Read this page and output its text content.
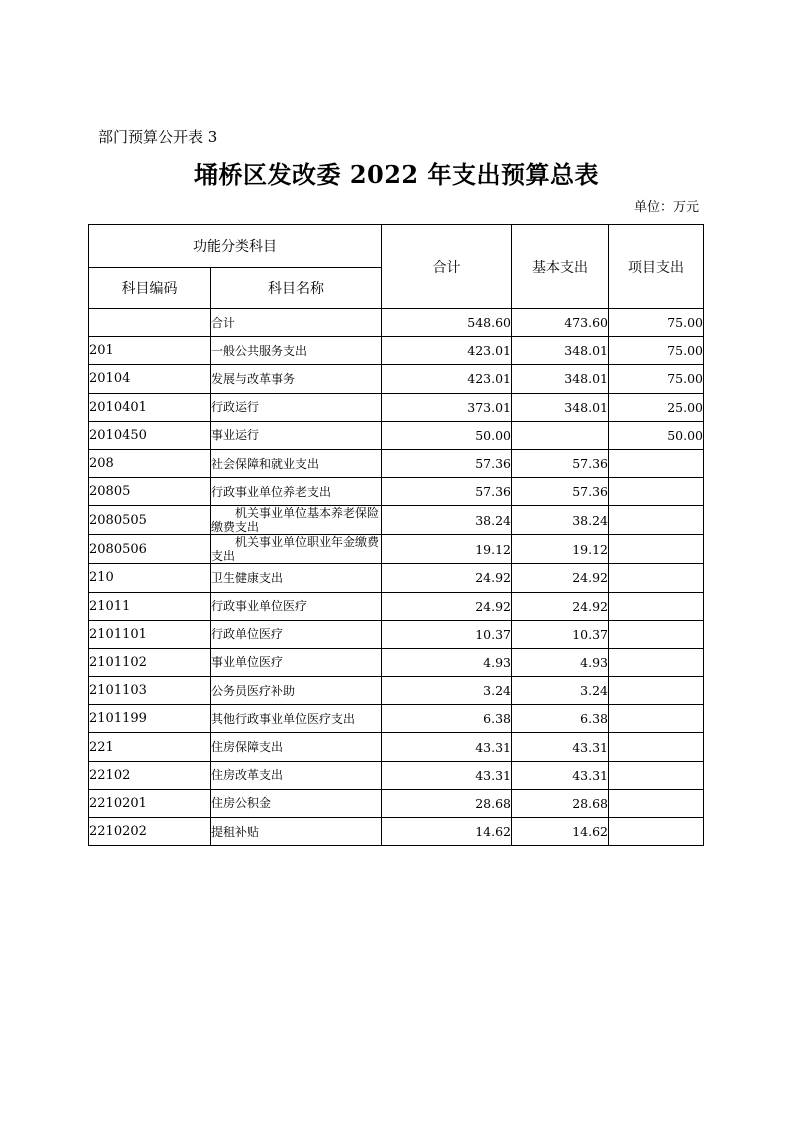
部门预算公开表 3
埇桥区发改委 2022 年支出预算总表
单位：万元
功能分类科目		合计	基本支出	项目支出
科目编码	科目名称			
	合计	548.60	473.60	75.00
201	一般公共服务支出	423.01	348.01	75.00
20104	发展与改革事务	423.01	348.01	75.00
2010401	行政运行	373.01	348.01	25.00
2010450	事业运行	50.00		50.00
208	社会保障和就业支出	57.36	57.36	
20805	行政事业单位养老支出	57.36	57.36	
2080505	机关事业单位基本养老保险缴费支出	38.24	38.24	
2080506	机关事业单位职业年金缴费支出	19.12	19.12	
210	卫生健康支出	24.92	24.92	
21011	行政事业单位医疗	24.92	24.92	
2101101	行政单位医疗	10.37	10.37	
2101102	事业单位医疗	4.93	4.93	
2101103	公务员医疗补助	3.24	3.24	
2101199	其他行政事业单位医疗支出	6.38	6.38	
221	住房保障支出	43.31	43.31	
22102	住房改革支出	43.31	43.31	
2210201	住房公积金	28.68	28.68	
2210202	提租补贴	14.62	14.62	
